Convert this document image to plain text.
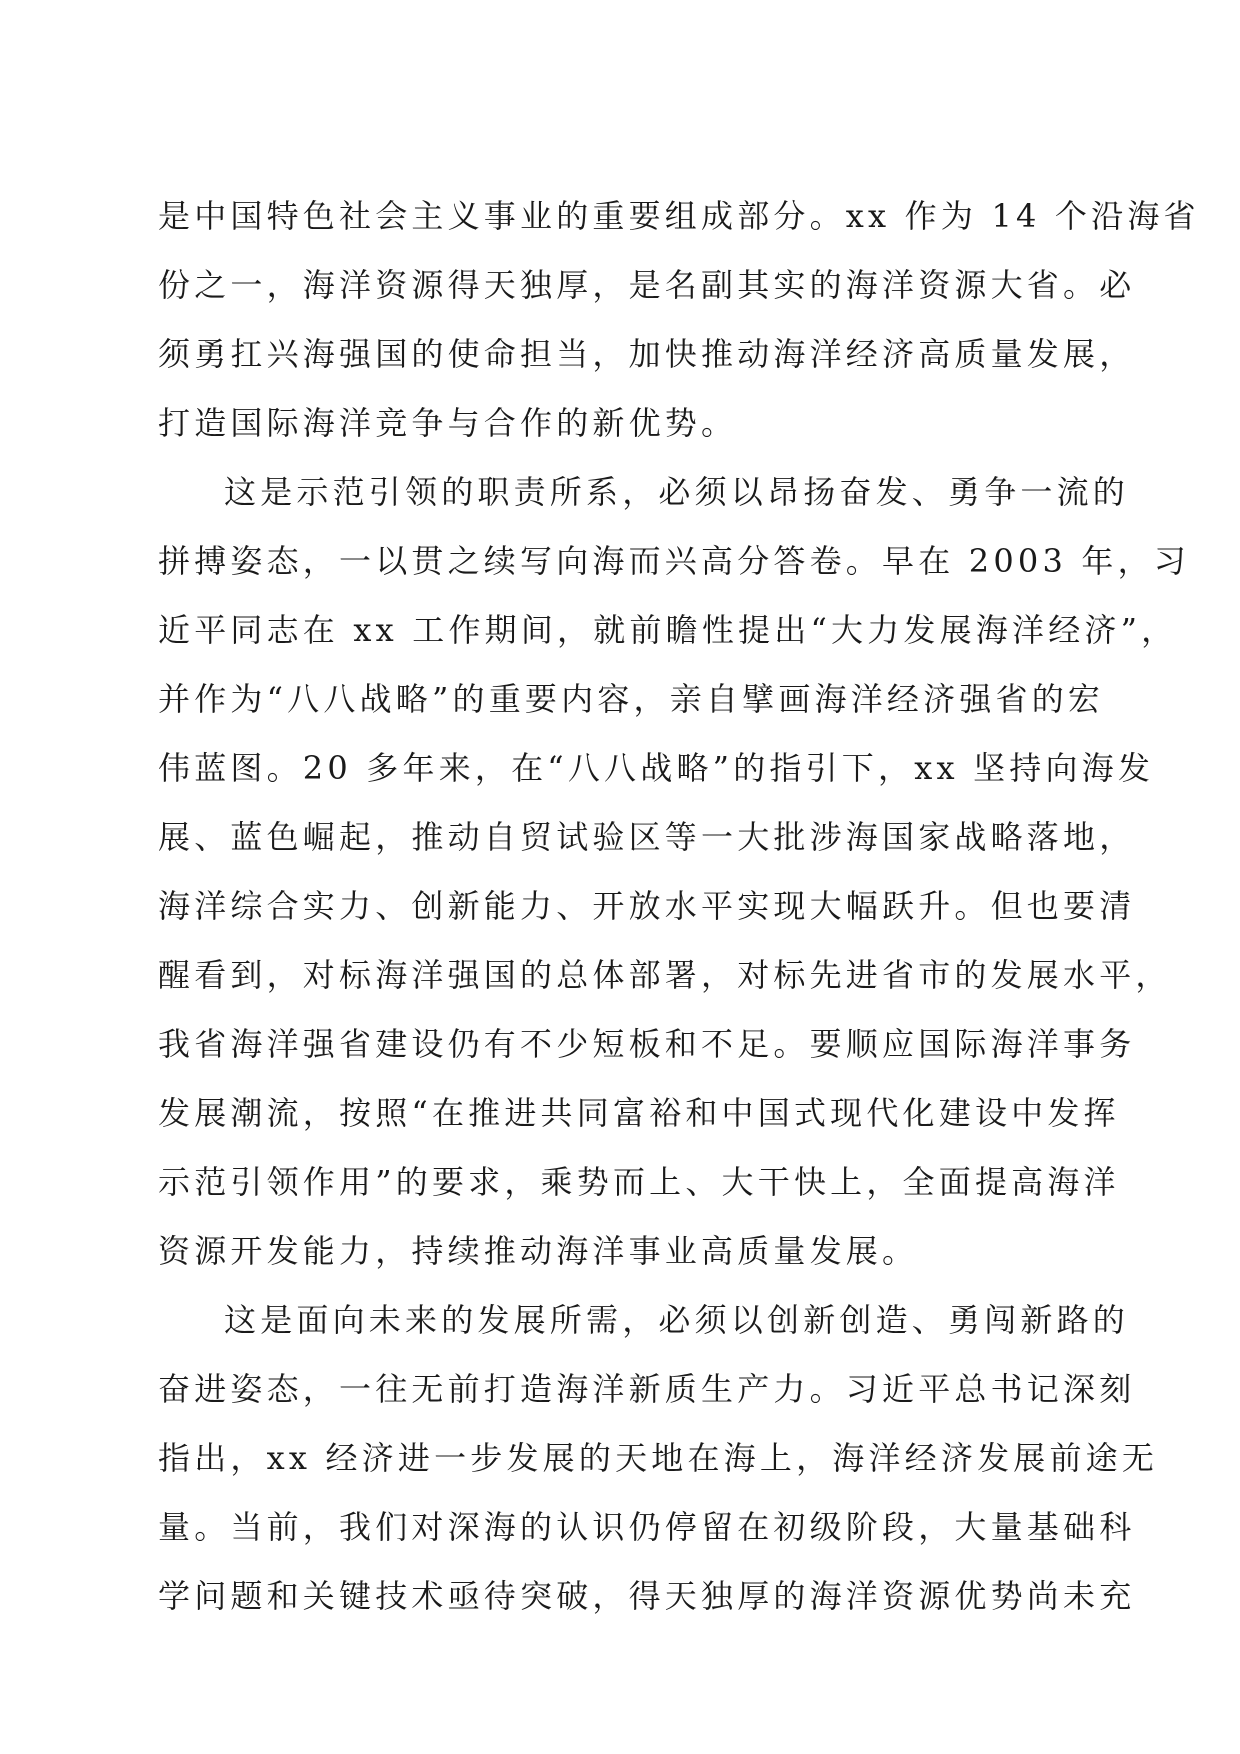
是中国特色社会主义事业的重要组成部分。xx 作为 14 个沿海省
份之一，海洋资源得天独厚，是名副其实的海洋资源大省。必
须勇扛兴海强国的使命担当，加快推动海洋经济高质量发展，
打造国际海洋竞争与合作的新优势。
这是示范引领的职责所系，必须以昂扬奋发、勇争一流的
拼搏姿态，一以贯之续写向海而兴高分答卷。早在 2003 年，习
近平同志在 xx 工作期间，就前瞻性提出“大力发展海洋经济”，
并作为“八八战略”的重要内容，亲自擘画海洋经济强省的宏
伟蓝图。20 多年来，在“八八战略”的指引下，xx 坚持向海发
展、蓝色崛起，推动自贸试验区等一大批涉海国家战略落地，
海洋综合实力、创新能力、开放水平实现大幅跃升。但也要清
醒看到，对标海洋强国的总体部署，对标先进省市的发展水平，
我省海洋强省建设仍有不少短板和不足。要顺应国际海洋事务
发展潮流，按照“在推进共同富裕和中国式现代化建设中发挥
示范引领作用”的要求，乘势而上、大干快上，全面提高海洋
资源开发能力，持续推动海洋事业高质量发展。
这是面向未来的发展所需，必须以创新创造、勇闯新路的
奋进姿态，一往无前打造海洋新质生产力。习近平总书记深刻
指出，xx 经济进一步发展的天地在海上，海洋经济发展前途无
量。当前，我们对深海的认识仍停留在初级阶段，大量基础科
学问题和关键技术亟待突破，得天独厚的海洋资源优势尚未充
